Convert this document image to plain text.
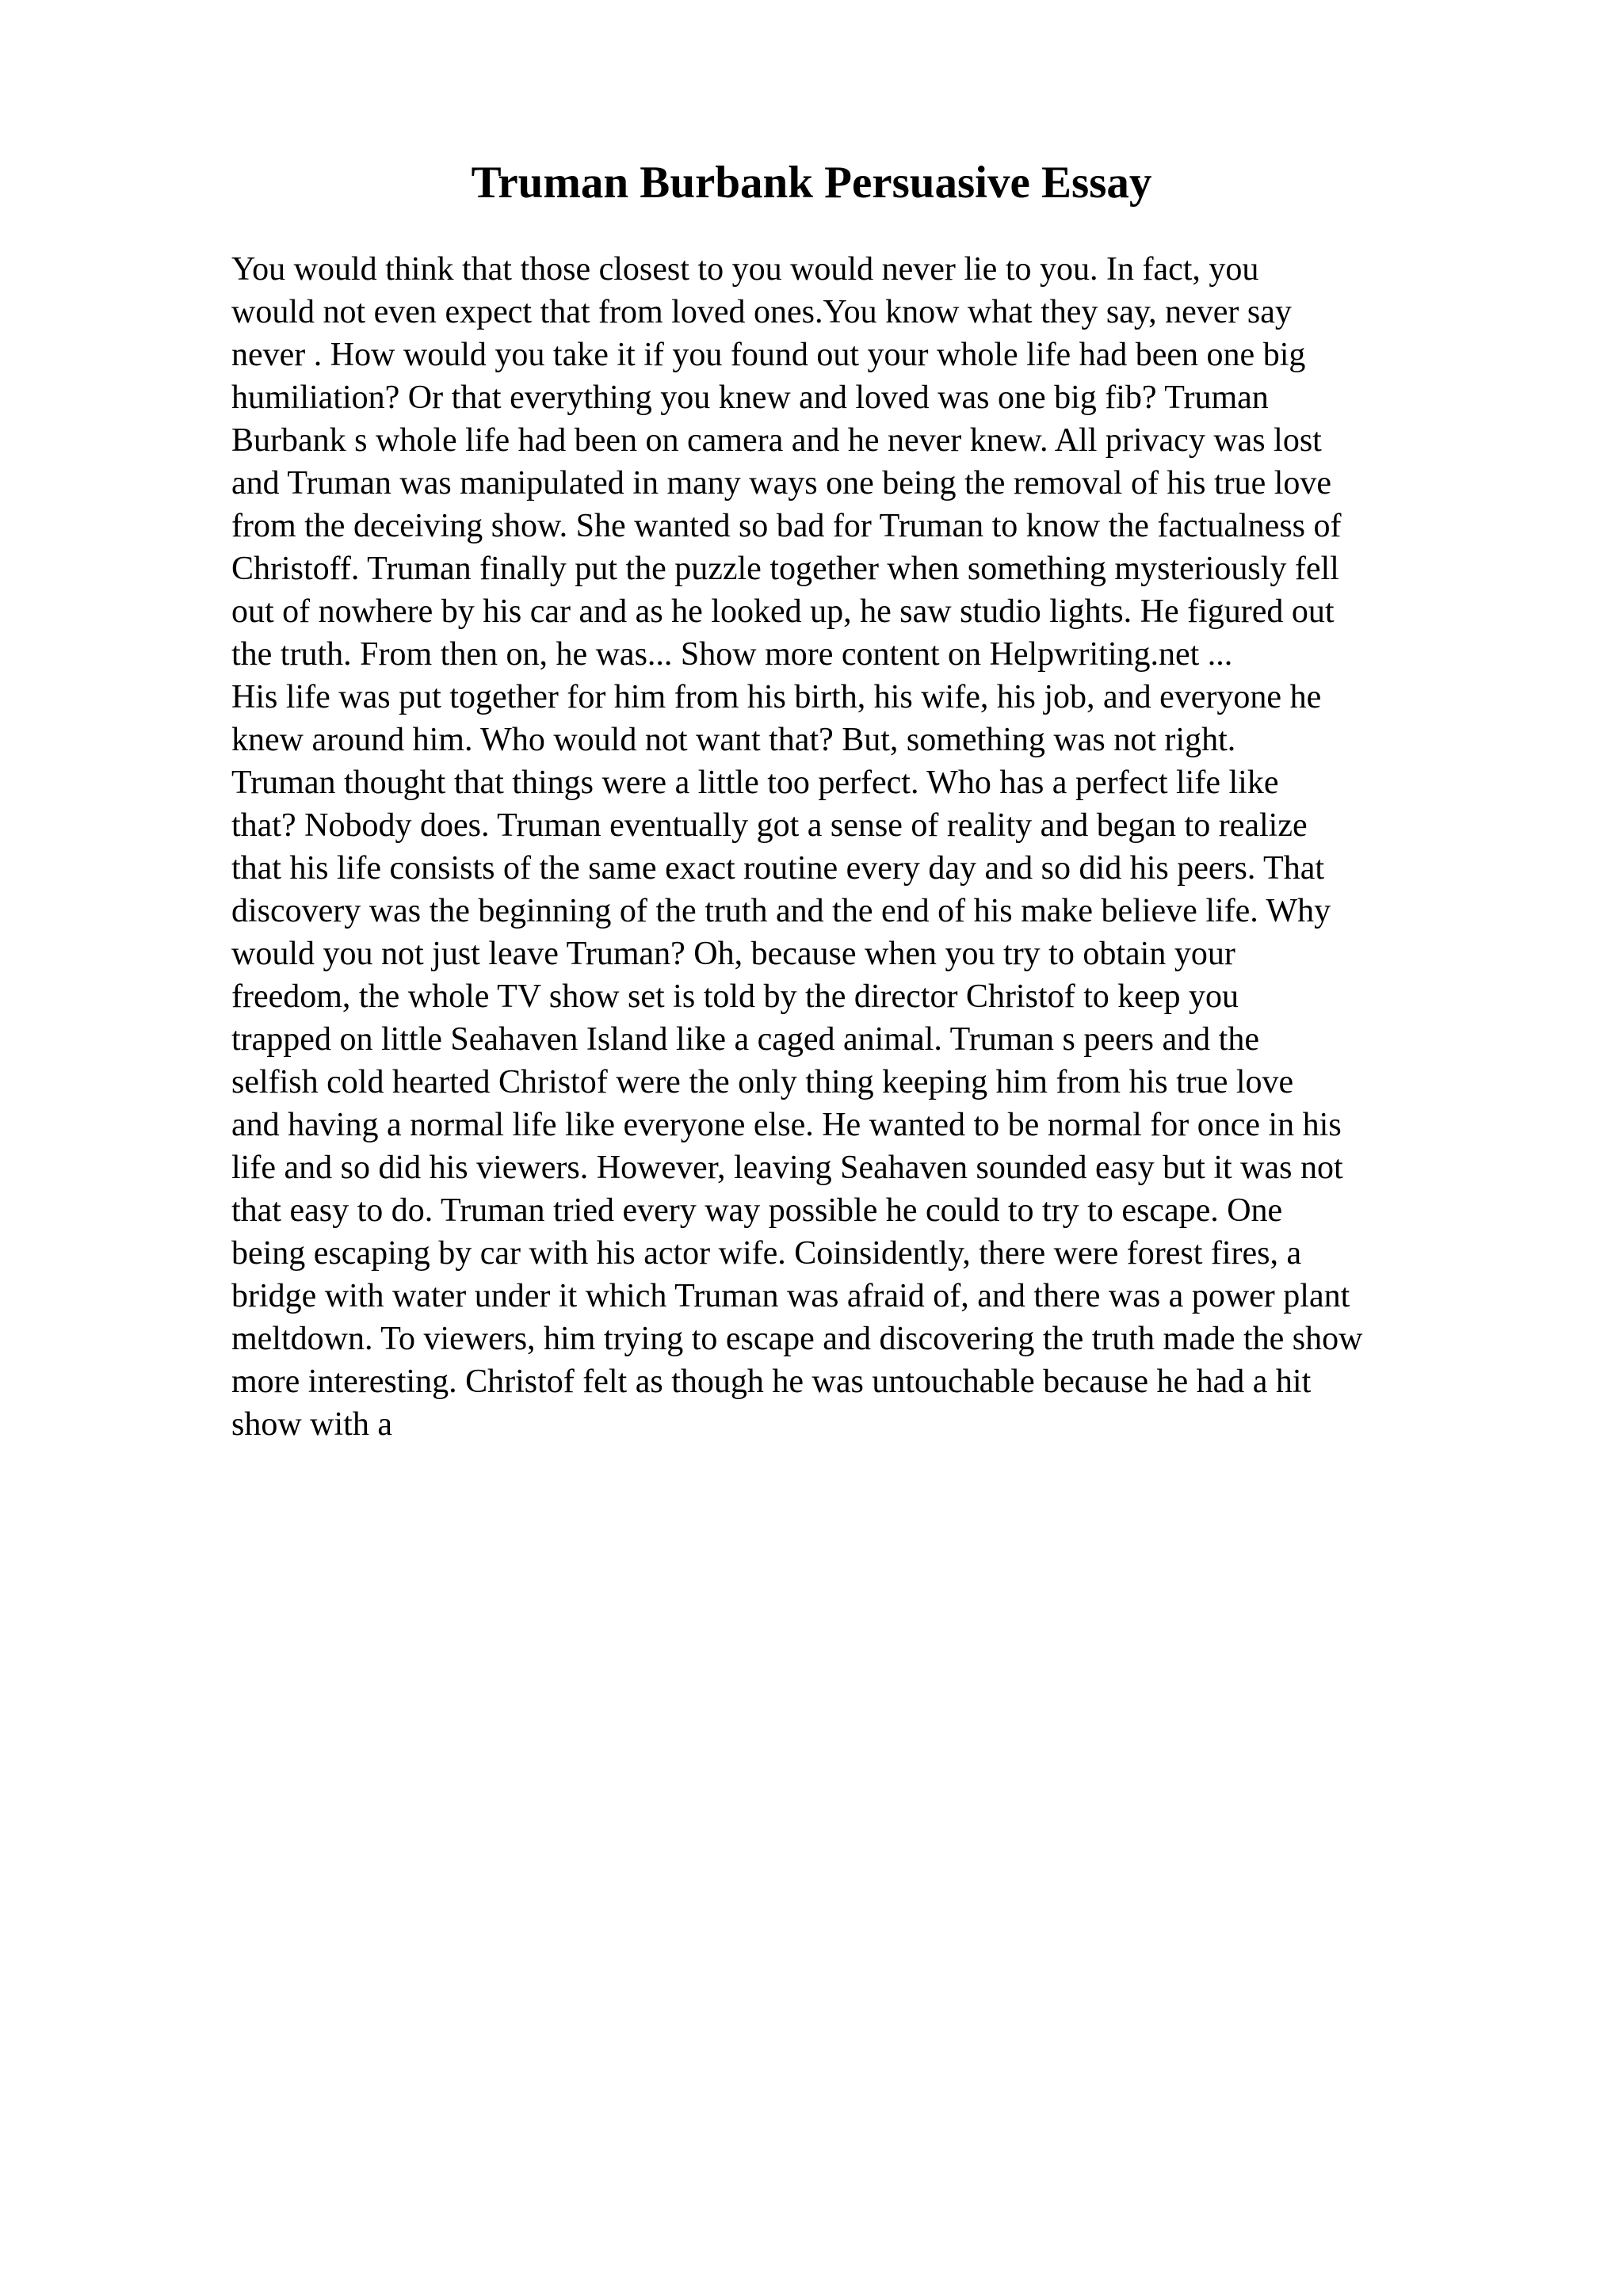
Truman Burbank Persuasive Essay
You would think that those closest to you would never lie to you. In fact, you
would not even expect that from loved ones.You know what they say, never say
never . How would you take it if you found out your whole life had been one big
humiliation? Or that everything you knew and loved was one big fib? Truman
Burbank s whole life had been on camera and he never knew. All privacy was lost
and Truman was manipulated in many ways one being the removal of his true love
from the deceiving show. She wanted so bad for Truman to know the factualness of
Christoff. Truman finally put the puzzle together when something mysteriously fell
out of nowhere by his car and as he looked up, he saw studio lights. He figured out
the truth. From then on, he was... Show more content on Helpwriting.net ...
His life was put together for him from his birth, his wife, his job, and everyone he
knew around him. Who would not want that? But, something was not right.
Truman thought that things were a little too perfect. Who has a perfect life like
that? Nobody does. Truman eventually got a sense of reality and began to realize
that his life consists of the same exact routine every day and so did his peers. That
discovery was the beginning of the truth and the end of his make believe life. Why
would you not just leave Truman? Oh, because when you try to obtain your
freedom, the whole TV show set is told by the director Christof to keep you
trapped on little Seahaven Island like a caged animal. Truman s peers and the
selfish cold hearted Christof were the only thing keeping him from his true love
and having a normal life like everyone else. He wanted to be normal for once in his
life and so did his viewers. However, leaving Seahaven sounded easy but it was not
that easy to do. Truman tried every way possible he could to try to escape. One
being escaping by car with his actor wife. Coinsidently, there were forest fires, a
bridge with water under it which Truman was afraid of, and there was a power plant
meltdown. To viewers, him trying to escape and discovering the truth made the show
more interesting. Christof felt as though he was untouchable because he had a hit
show with a
